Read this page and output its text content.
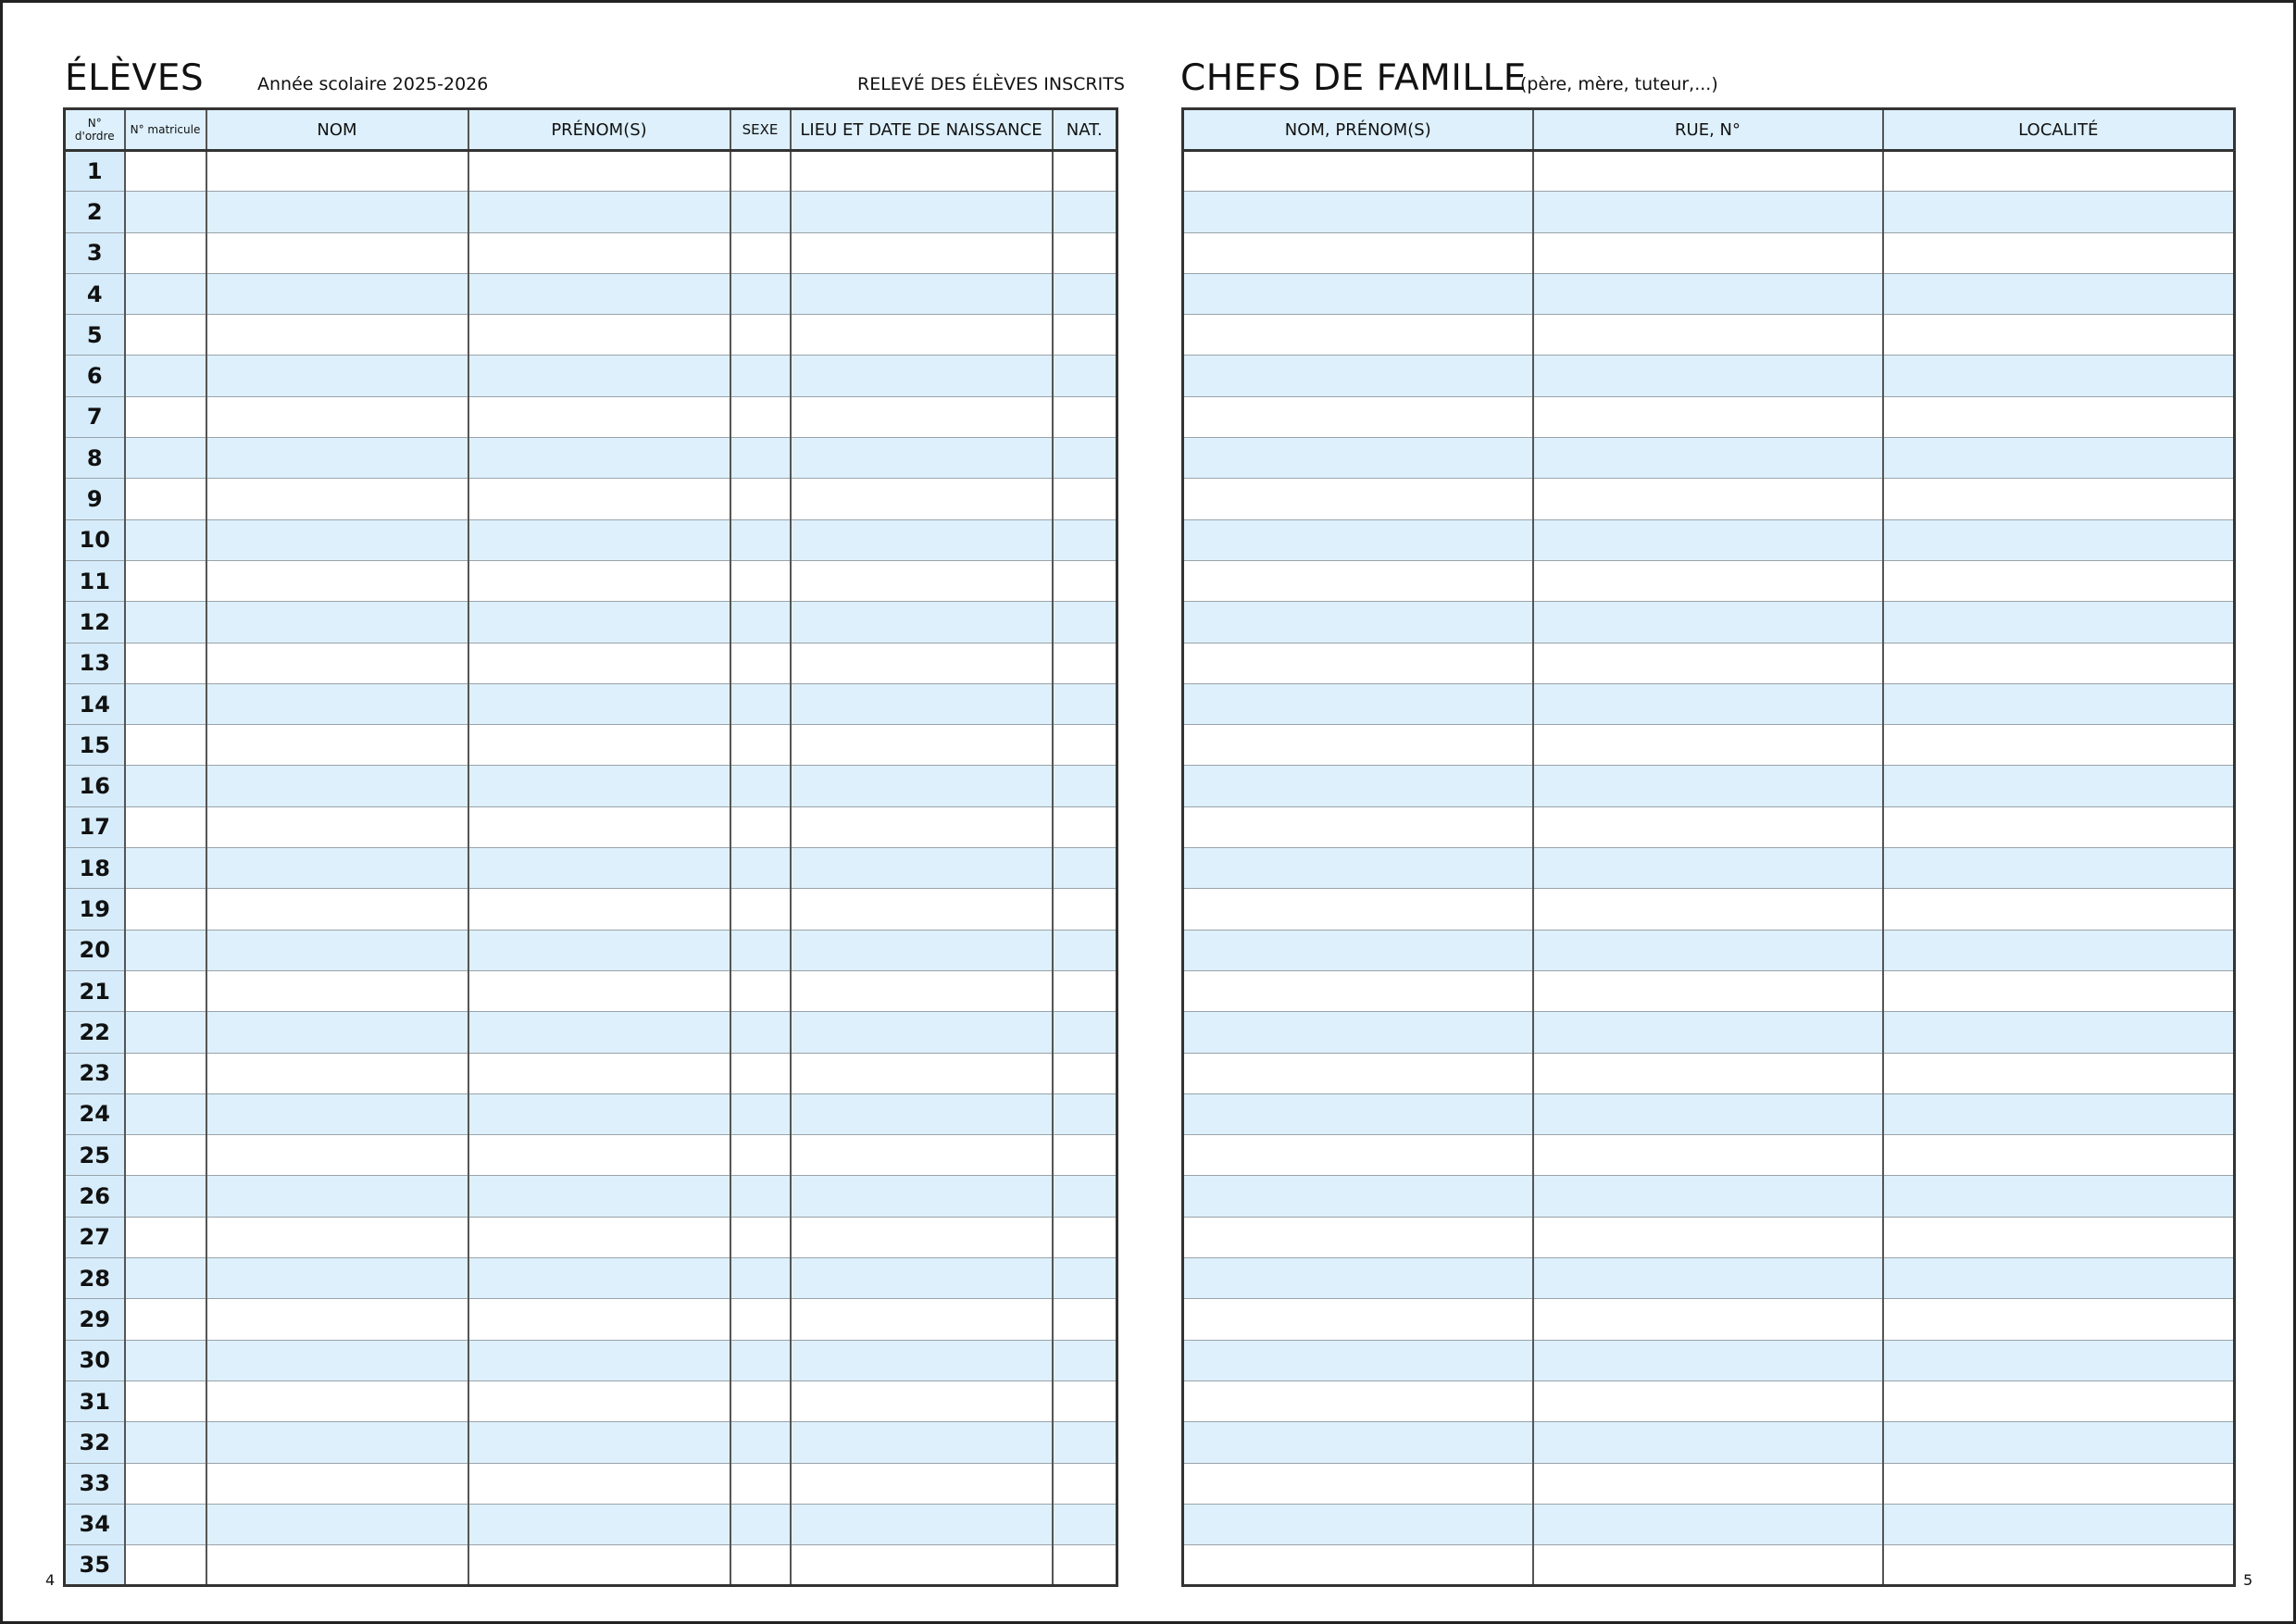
ÉLÈVES	Année scolaire 2025-2026	RELEVÉ DES ÉLÈVES INSCRITS
N° d'ordre	N° matricule	NOM	PRÉNOM(S)	SEXE	LIEU ET DATE DE NAISSANCE	NAT.
1						
2						
3						
4						
5						
6						
7						
8						
9						
10						
11						
12						
13						
14						
15						
16						
17						
18						
19						
20						
21						
22						
23						
24						
25						
26						
27						
28						
29						
30						
31						
32						
33						
34						
35						
4
CHEFS DE FAMILLE
(père, mère, tuteur,...)
NOM, PRÉNOM(S)	RUE, N°	LOCALITÉ

5
